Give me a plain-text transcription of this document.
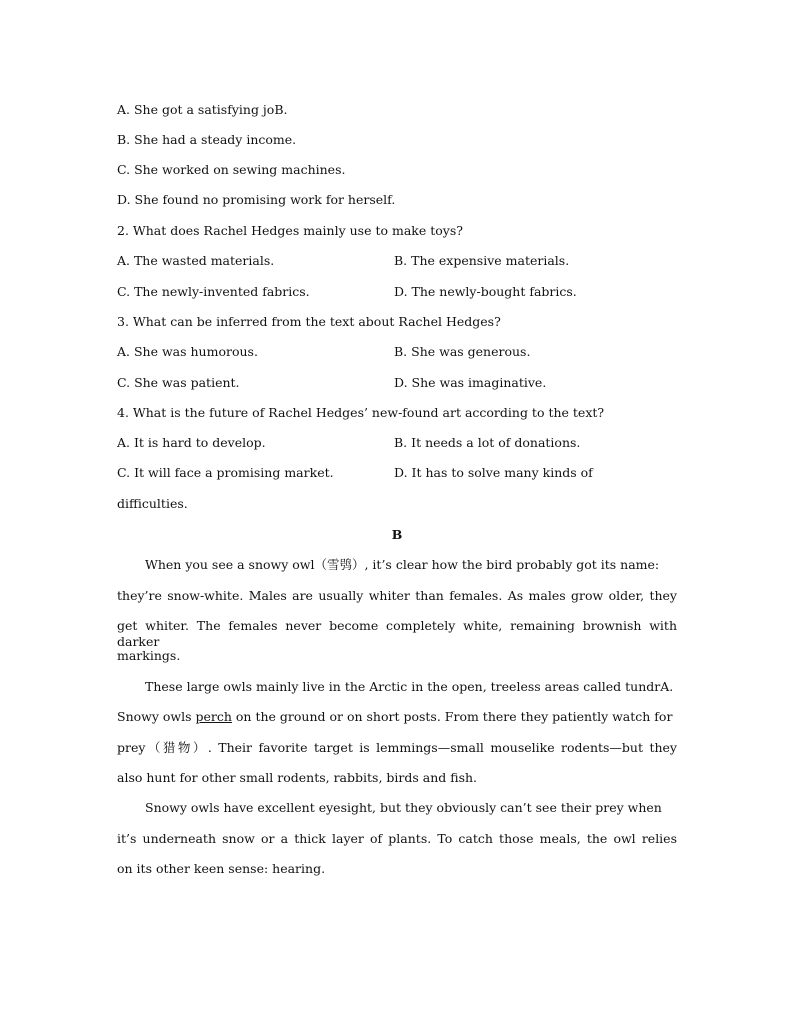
A. She got a satisfying joB.
B. She had a steady income.
C. She worked on sewing machines.
D. She found no promising work for herself.
2. What does Rachel Hedges mainly use to make toys?
A. The wasted materials.	B. The expensive materials.
C. The newly-invented fabrics.	D. The newly-bought fabrics.
3. What can be inferred from the text about Rachel Hedges?
A. She was humorous.	B. She was generous.
C. She was patient.	D. She was imaginative.
4. What is the future of Rachel Hedges’ new-found art according to the text?
A. It is hard to develop.	B. It needs a lot of donations.
C. It will face a promising market.	D. It has to solve many kinds of
difficulties.
B
When you see a snowy owl（雪鸮）, it’s clear how the bird probably got its name:
they’re snow-white. Males are usually whiter than females. As males grow older, they
get whiter. The females never become completely white, remaining brownish with darker
markings.
These large owls mainly live in the Arctic in the open, treeless areas called tundrA.
Snowy owls perch on the ground or on short posts. From there they patiently watch for
prey（猎物）. Their favorite target is lemmings—small mouselike rodents—but they
also hunt for other small rodents, rabbits, birds and fish.
Snowy owls have excellent eyesight, but they obviously can’t see their prey when
it’s underneath snow or a thick layer of plants. To catch those meals, the owl relies
on its other keen sense: hearing.
